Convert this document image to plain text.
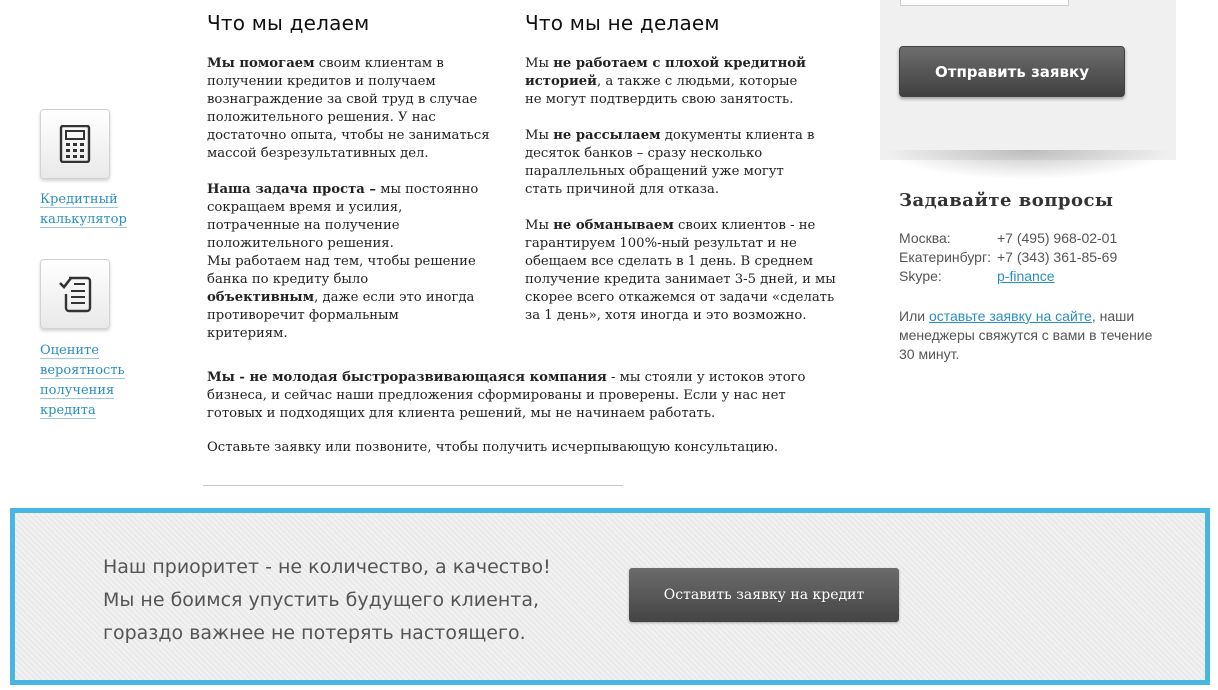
Кредитный
калькулятор
Оцените
вероятность
получения
кредита
Что мы делаем

Мы помогаем своим клиентам в получении кредитов и получаем вознаграждение за свой труд в случае положительного решения. У нас достаточно опыта, чтобы не заниматься массой безрезультативных дел.

Наша задача проста – мы постоянно сокращаем время и усилия, потраченные на получение положительного решения.

Мы работаем над тем, чтобы решение банка по кредиту было объективным, даже если это иногда противоречит формальным критериям.

Что мы не делаем

Мы не работаем с плохой кредитной историей, а также с людьми, которые не могут подтвердить свою занятость.

Мы не рассылаем документы клиента в десяток банков – сразу несколько параллельных обращений уже могут стать причиной для отказа.

Мы не обманываем своих клиентов - не гарантируем 100%-ный результат и не обещаем все сделать в 1 день. В среднем получение кредита занимает 3-5 дней, и мы скорее всего откажемся от задачи «сделать за 1 день», хотя иногда и это возможно.

Мы - не молодая быстроразвивающаяся компания - мы стояли у истоков этого бизнеса, и сейчас наши предложения сформированы и проверены. Если у нас нет готовых и подходящих для клиента решений, мы не начинаем работать.

Оставьте заявку или позвоните, чтобы получить исчерпывающую консультацию.

Отправить заявку
Задавайте вопросы
Москва:	+7 (495) 968-02-01
Екатеринбург: +7 (343) 361-85-69
Skype:	p-finance

Или оставьте заявку на сайте, наши менеджеры свяжутся с вами в течение 30 минут.

Наш приоритет - не количество, а качество!
Мы не боимся упустить будущего клиента,
гораздо важнее не потерять настоящего.
Оставить заявку на кредит
